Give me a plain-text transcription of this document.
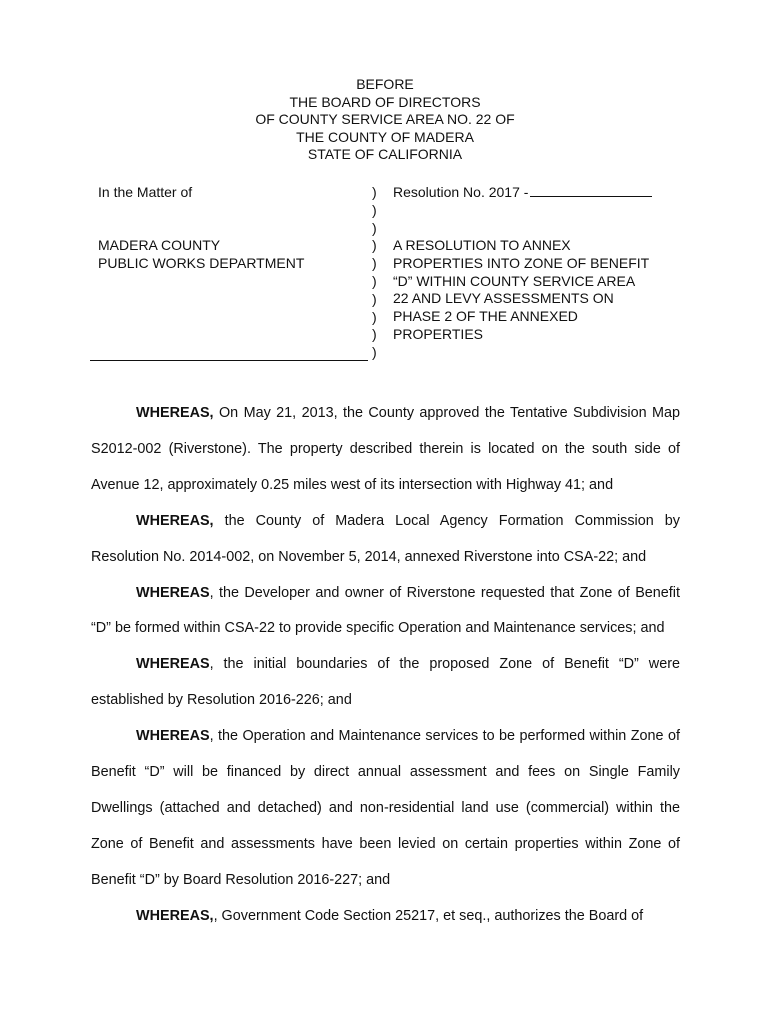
BEFORE
THE BOARD OF DIRECTORS
OF COUNTY SERVICE AREA NO. 22 OF
THE COUNTY OF MADERA
STATE OF CALIFORNIA
In the Matter of
MADERA COUNTY
PUBLIC WORKS DEPARTMENT
)
)
)
)
)
)
)
)
)
)
Resolution No. 2017 -
A RESOLUTION TO ANNEX
PROPERTIES INTO ZONE OF BENEFIT
“D” WITHIN COUNTY SERVICE AREA
22 AND LEVY ASSESSMENTS ON
PHASE 2 OF THE ANNEXED
PROPERTIES

WHEREAS, On May 21, 2013, the County approved the Tentative Subdivision Map S2012-002 (Riverstone). The property described therein is located on the south side of Avenue 12, approximately 0.25 miles west of its intersection with Highway 41; and

WHEREAS, the County of Madera Local Agency Formation Commission by Resolution No. 2014-002, on November 5, 2014, annexed Riverstone into CSA-22; and

WHEREAS, the Developer and owner of Riverstone requested that Zone of Benefit “D” be formed within CSA-22 to provide specific Operation and Maintenance services; and

WHEREAS, the initial boundaries of the proposed Zone of Benefit “D” were established by Resolution 2016-226; and

WHEREAS, the Operation and Maintenance services to be performed within Zone of Benefit “D” will be financed by direct annual assessment and fees on Single Family Dwellings (attached and detached) and non-residential land use (commercial) within the Zone of Benefit and assessments have been levied on certain properties within Zone of Benefit “D” by Board Resolution 2016-227; and

WHEREAS,, Government Code Section 25217, et seq., authorizes the Board of
